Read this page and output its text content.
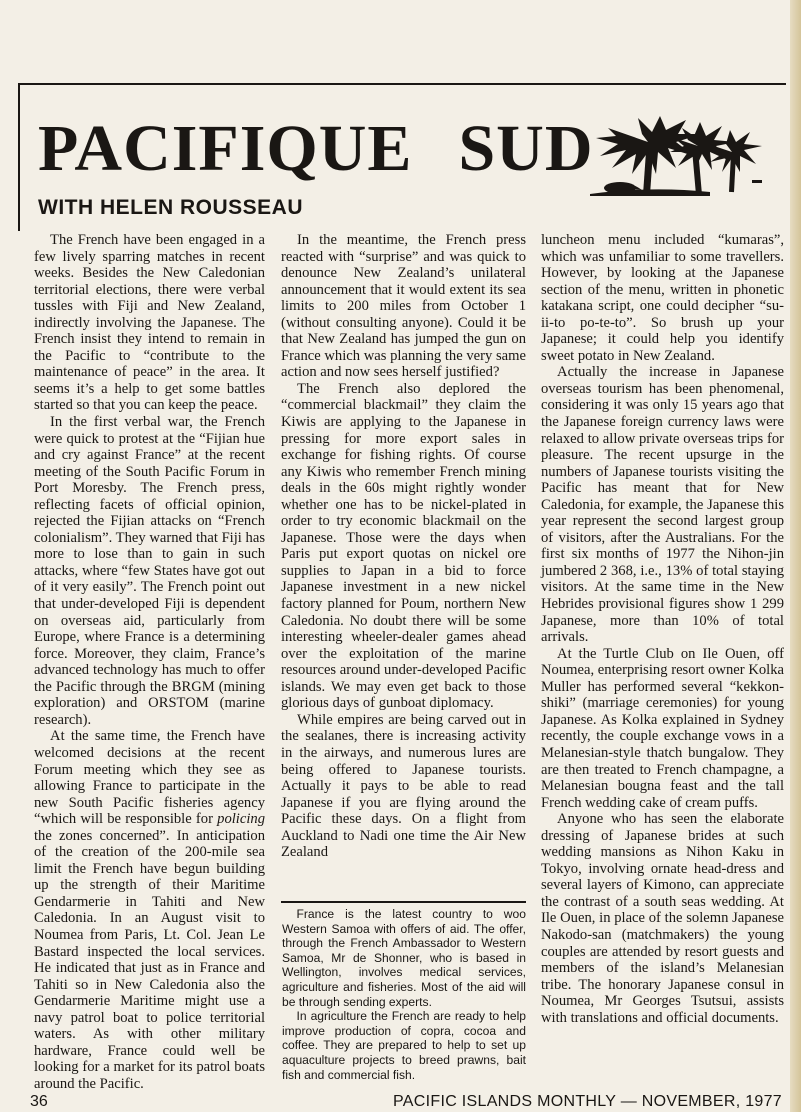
PACIFIQUE SUD
WITH HELEN ROUSSEAU

The French have been engaged in a few lively sparring matches in recent weeks. Besides the New Caledonian territorial elections, there were verbal tussles with Fiji and New Zealand, indirectly involving the Japanese. The French insist they intend to remain in the Pacific to “contribute to the maintenance of peace” in the area. It seems it’s a help to get some battles started so that you can keep the peace.

In the first verbal war, the French were quick to protest at the “Fijian hue and cry against France” at the recent meeting of the South Pacific Forum in Port Moresby. The French press, reflecting facets of official opinion, rejected the Fijian attacks on “French colonialism”. They warned that Fiji has more to lose than to gain in such attacks, where “few States have got out of it very easily”. The French point out that under-developed Fiji is dependent on overseas aid, particularly from Europe, where France is a determining force. Moreover, they claim, France’s advanced technology has much to offer the Pacific through the BRGM (mining exploration) and ORSTOM (marine research).

At the same time, the French have welcomed decisions at the recent Forum meeting which they see as allowing France to participate in the new South Pacific fisheries agency “which will be responsible for policing the zones concerned”. In anticipation of the creation of the 200-mile sea limit the French have begun building up the strength of their Maritime Gendarmerie in Tahiti and New Caledonia. In an August visit to Noumea from Paris, Lt. Col. Jean Le Bastard inspected the local services. He indicated that just as in France and Tahiti so in New Caledonia also the Gendarmerie Maritime might use a navy patrol boat to police territorial waters. As with other military hardware, France could well be looking for a market for its patrol boats around the Pacific.

In the meantime, the French press reacted with “surprise” and was quick to denounce New Zealand’s unilateral announcement that it would extent its sea limits to 200 miles from October 1 (without consulting anyone). Could it be that New Zealand has jumped the gun on France which was planning the very same action and now sees herself justified?

The French also deplored the “commercial blackmail” they claim the Kiwis are applying to the Japanese in pressing for more export sales in exchange for fishing rights. Of course any Kiwis who remember French mining deals in the 60s might rightly wonder whether one has to be nickel-plated in order to try economic blackmail on the Japanese. Those were the days when Paris put export quotas on nickel ore supplies to Japan in a bid to force Japanese investment in a new nickel factory planned for Poum, northern New Caledonia. No doubt there will be some interesting wheeler-dealer games ahead over the exploitation of the marine resources around under-developed Pacific islands. We may even get back to those glorious days of gunboat diplomacy.

While empires are being carved out in the sealanes, there is increasing activity in the airways, and numerous lures are being offered to Japanese tourists. Actually it pays to be able to read Japanese if you are flying around the Pacific these days. On a flight from Auckland to Nadi one time the Air New Zealand

France is the latest country to woo Western Samoa with offers of aid. The offer, through the French Ambassador to Western Samoa, Mr de Shonner, who is based in Wellington, involves medical services, agriculture and fisheries. Most of the aid will be through sending experts.

In agriculture the French are ready to help improve production of copra, cocoa and coffee. They are prepared to help to set up aquaculture projects to breed prawns, bait fish and commercial fish.

luncheon menu included “kumaras”, which was unfamiliar to some travellers. However, by looking at the Japanese section of the menu, written in phonetic katakana script, one could decipher “su-ii-to po-te-to”. So brush up your Japanese; it could help you identify sweet potato in New Zealand.

Actually the increase in Japanese overseas tourism has been phenomenal, considering it was only 15 years ago that the Japanese foreign currency laws were relaxed to allow private overseas trips for pleasure. The recent upsurge in the numbers of Japanese tourists visiting the Pacific has meant that for New Caledonia, for example, the Japanese this year represent the second largest group of visitors, after the Australians. For the first six months of 1977 the Nihon-jin jumbered 2 368, i.e., 13% of total staying visitors. At the same time in the New Hebrides provisional figures show 1 299 Japanese, more than 10% of total arrivals.

At the Turtle Club on Ile Ouen, off Noumea, enterprising resort owner Kolka Muller has performed several “kekkon-shiki” (marriage ceremonies) for young Japanese. As Kolka explained in Sydney recently, the couple exchange vows in a Melanesian-style thatch bungalow. They are then treated to French champagne, a Melanesian bougna feast and the tall French wedding cake of cream puffs.

Anyone who has seen the elaborate dressing of Japanese brides at such wedding mansions as Nihon Kaku in Tokyo, involving ornate head-dress and several layers of Kimono, can appreciate the contrast of a south seas wedding. At Ile Ouen, in place of the solemn Japanese Nakodo-san (matchmakers) the young couples are attended by resort guests and members of the island’s Melanesian tribe. The honorary Japanese consul in Noumea, Mr Georges Tsutsui, assists with translations and official documents.

36	PACIFIC ISLANDS MONTHLY — NOVEMBER, 1977
